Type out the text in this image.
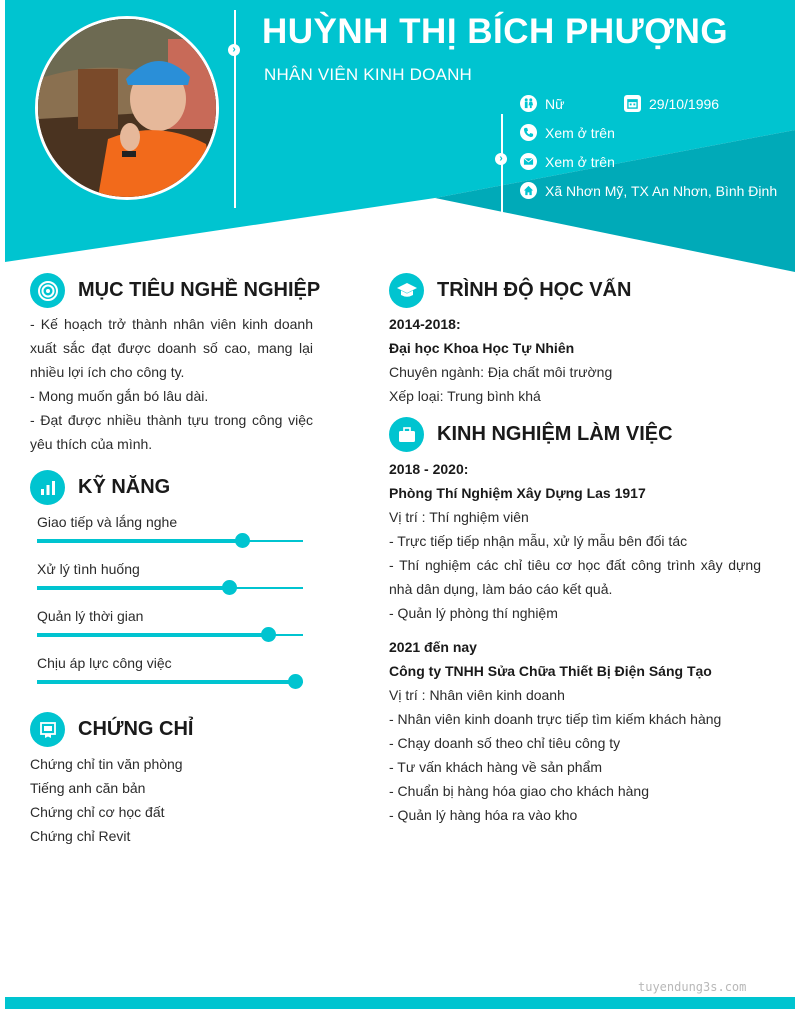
›
›
HUỲNH THỊ BÍCH PHƯỢNG
NHÂN VIÊN KINH DOANH
Nữ	29/10/1996
Xem ở trên
Xem ở trên
Xã Nhơn Mỹ, TX An Nhơn, Bình Định
MỤC TIÊU NGHỀ NGHIỆP
- Kế hoạch trở thành nhân viên kinh doanh xuất sắc đạt được doanh số cao, mang lại nhiều lợi ích cho công ty.
- Mong muốn gắn bó lâu dài.
- Đạt được nhiều thành tựu trong công việc yêu thích của mình.
KỸ NĂNG
Giao tiếp và lắng nghe
Xử lý tình huống
Quản lý thời gian
Chịu áp lực công việc
CHỨNG CHỈ
Chứng chỉ tin văn phòng
Tiếng anh căn bản
Chứng chỉ cơ học đất
Chứng chỉ Revit
TRÌNH ĐỘ HỌC VẤN
2014-2018:
Đại học Khoa Học Tự Nhiên
Chuyên ngành: Địa chất môi trường
Xếp loại: Trung bình khá
KINH NGHIỆM LÀM VIỆC
2018 - 2020:
Phòng Thí Nghiệm Xây Dựng Las 1917
Vị trí : Thí nghiệm viên
- Trực tiếp tiếp nhận mẫu, xử lý mẫu bên đối tác
- Thí nghiệm các chỉ tiêu cơ học đất công trình xây dựng nhà dân dụng, làm báo cáo kết quả.
- Quản lý phòng thí nghiệm
2021 đến nay
Công ty TNHH Sửa Chữa Thiết Bị Điện Sáng Tạo
Vị trí : Nhân viên kinh doanh
- Nhân viên kinh doanh trực tiếp tìm kiếm khách hàng
- Chạy doanh số theo chỉ tiêu công ty
- Tư vấn khách hàng về sản phẩm
- Chuẩn bị hàng hóa giao cho khách hàng
- Quản lý hàng hóa ra vào kho
tuyendung3s.com
